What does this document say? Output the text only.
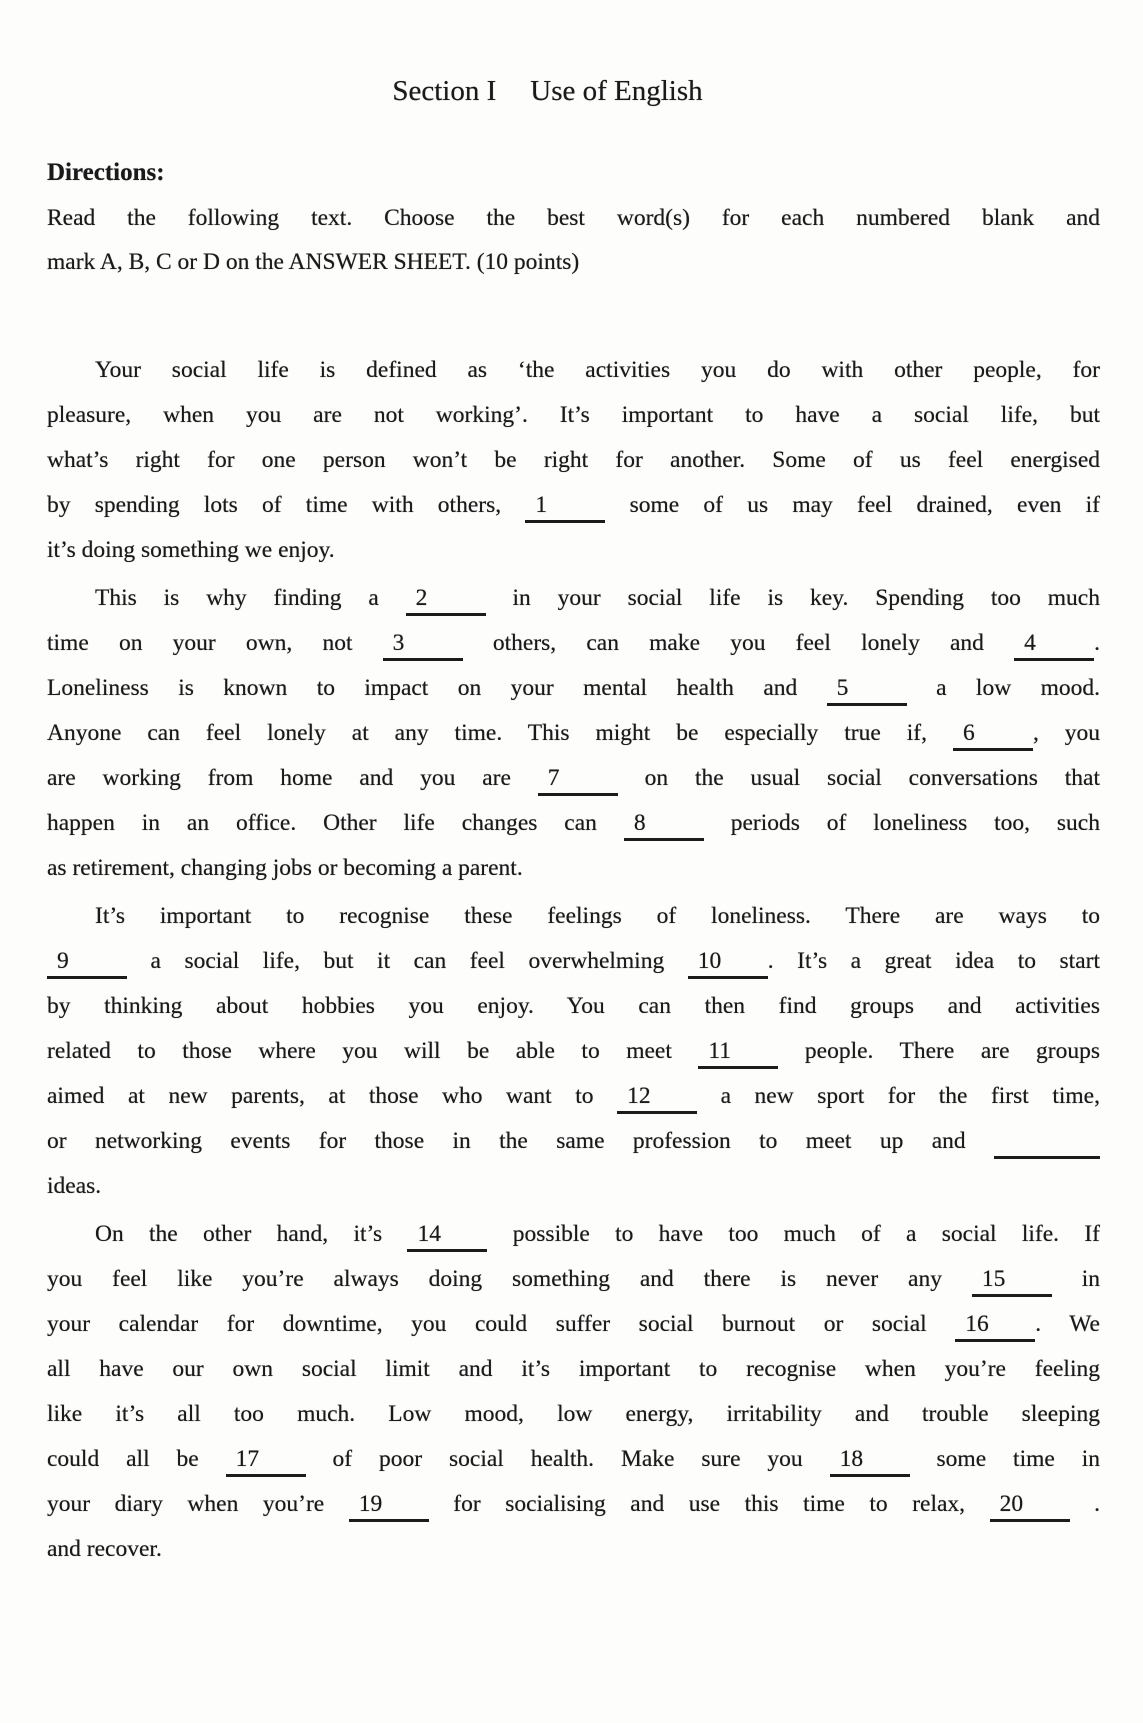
Section I Use of English
Directions:
Read the following text. Choose the best word(s) for each numbered blank and
mark A, B, C or D on the ANSWER SHEET. (10 points)
Your social life is defined as ‘the activities you do with other people, for
pleasure, when you are not working’. It’s important to have a social life, but
what’s right for one person won’t be right for another. Some of us feel energised
by spending lots of time with others, 1 some of us may feel drained, even if
it’s doing something we enjoy.
This is why finding a 2 in your social life is key. Spending too much
time on your own, not 3 others, can make you feel lonely and 4 .
Loneliness is known to impact on your mental health and 5 a low mood.
Anyone can feel lonely at any time. This might be especially true if, 6 , you
are working from home and you are 7 on the usual social conversations that
happen in an office. Other life changes can 8 periods of loneliness too, such
as retirement, changing jobs or becoming a parent.
It’s important to recognise these feelings of loneliness. There are ways to
9 a social life, but it can feel overwhelming 10 . It’s a great idea to start
by thinking about hobbies you enjoy. You can then find groups and activities
related to those where you will be able to meet 11 people. There are groups
aimed at new parents, at those who want to 12 a new sport for the first time,
or networking events for those in the same profession to meet up and
ideas.
On the other hand, it’s 14 possible to have too much of a social life. If
you feel like you’re always doing something and there is never any 15 in
your calendar for downtime, you could suffer social burnout or social 16 . We
all have our own social limit and it’s important to recognise when you’re feeling
like it’s all too much. Low mood, low energy, irritability and trouble sleeping
could all be 17 of poor social health. Make sure you 18 some time in
your diary when you’re 19 for socialising and use this time to relax, 20 .
and recover.
